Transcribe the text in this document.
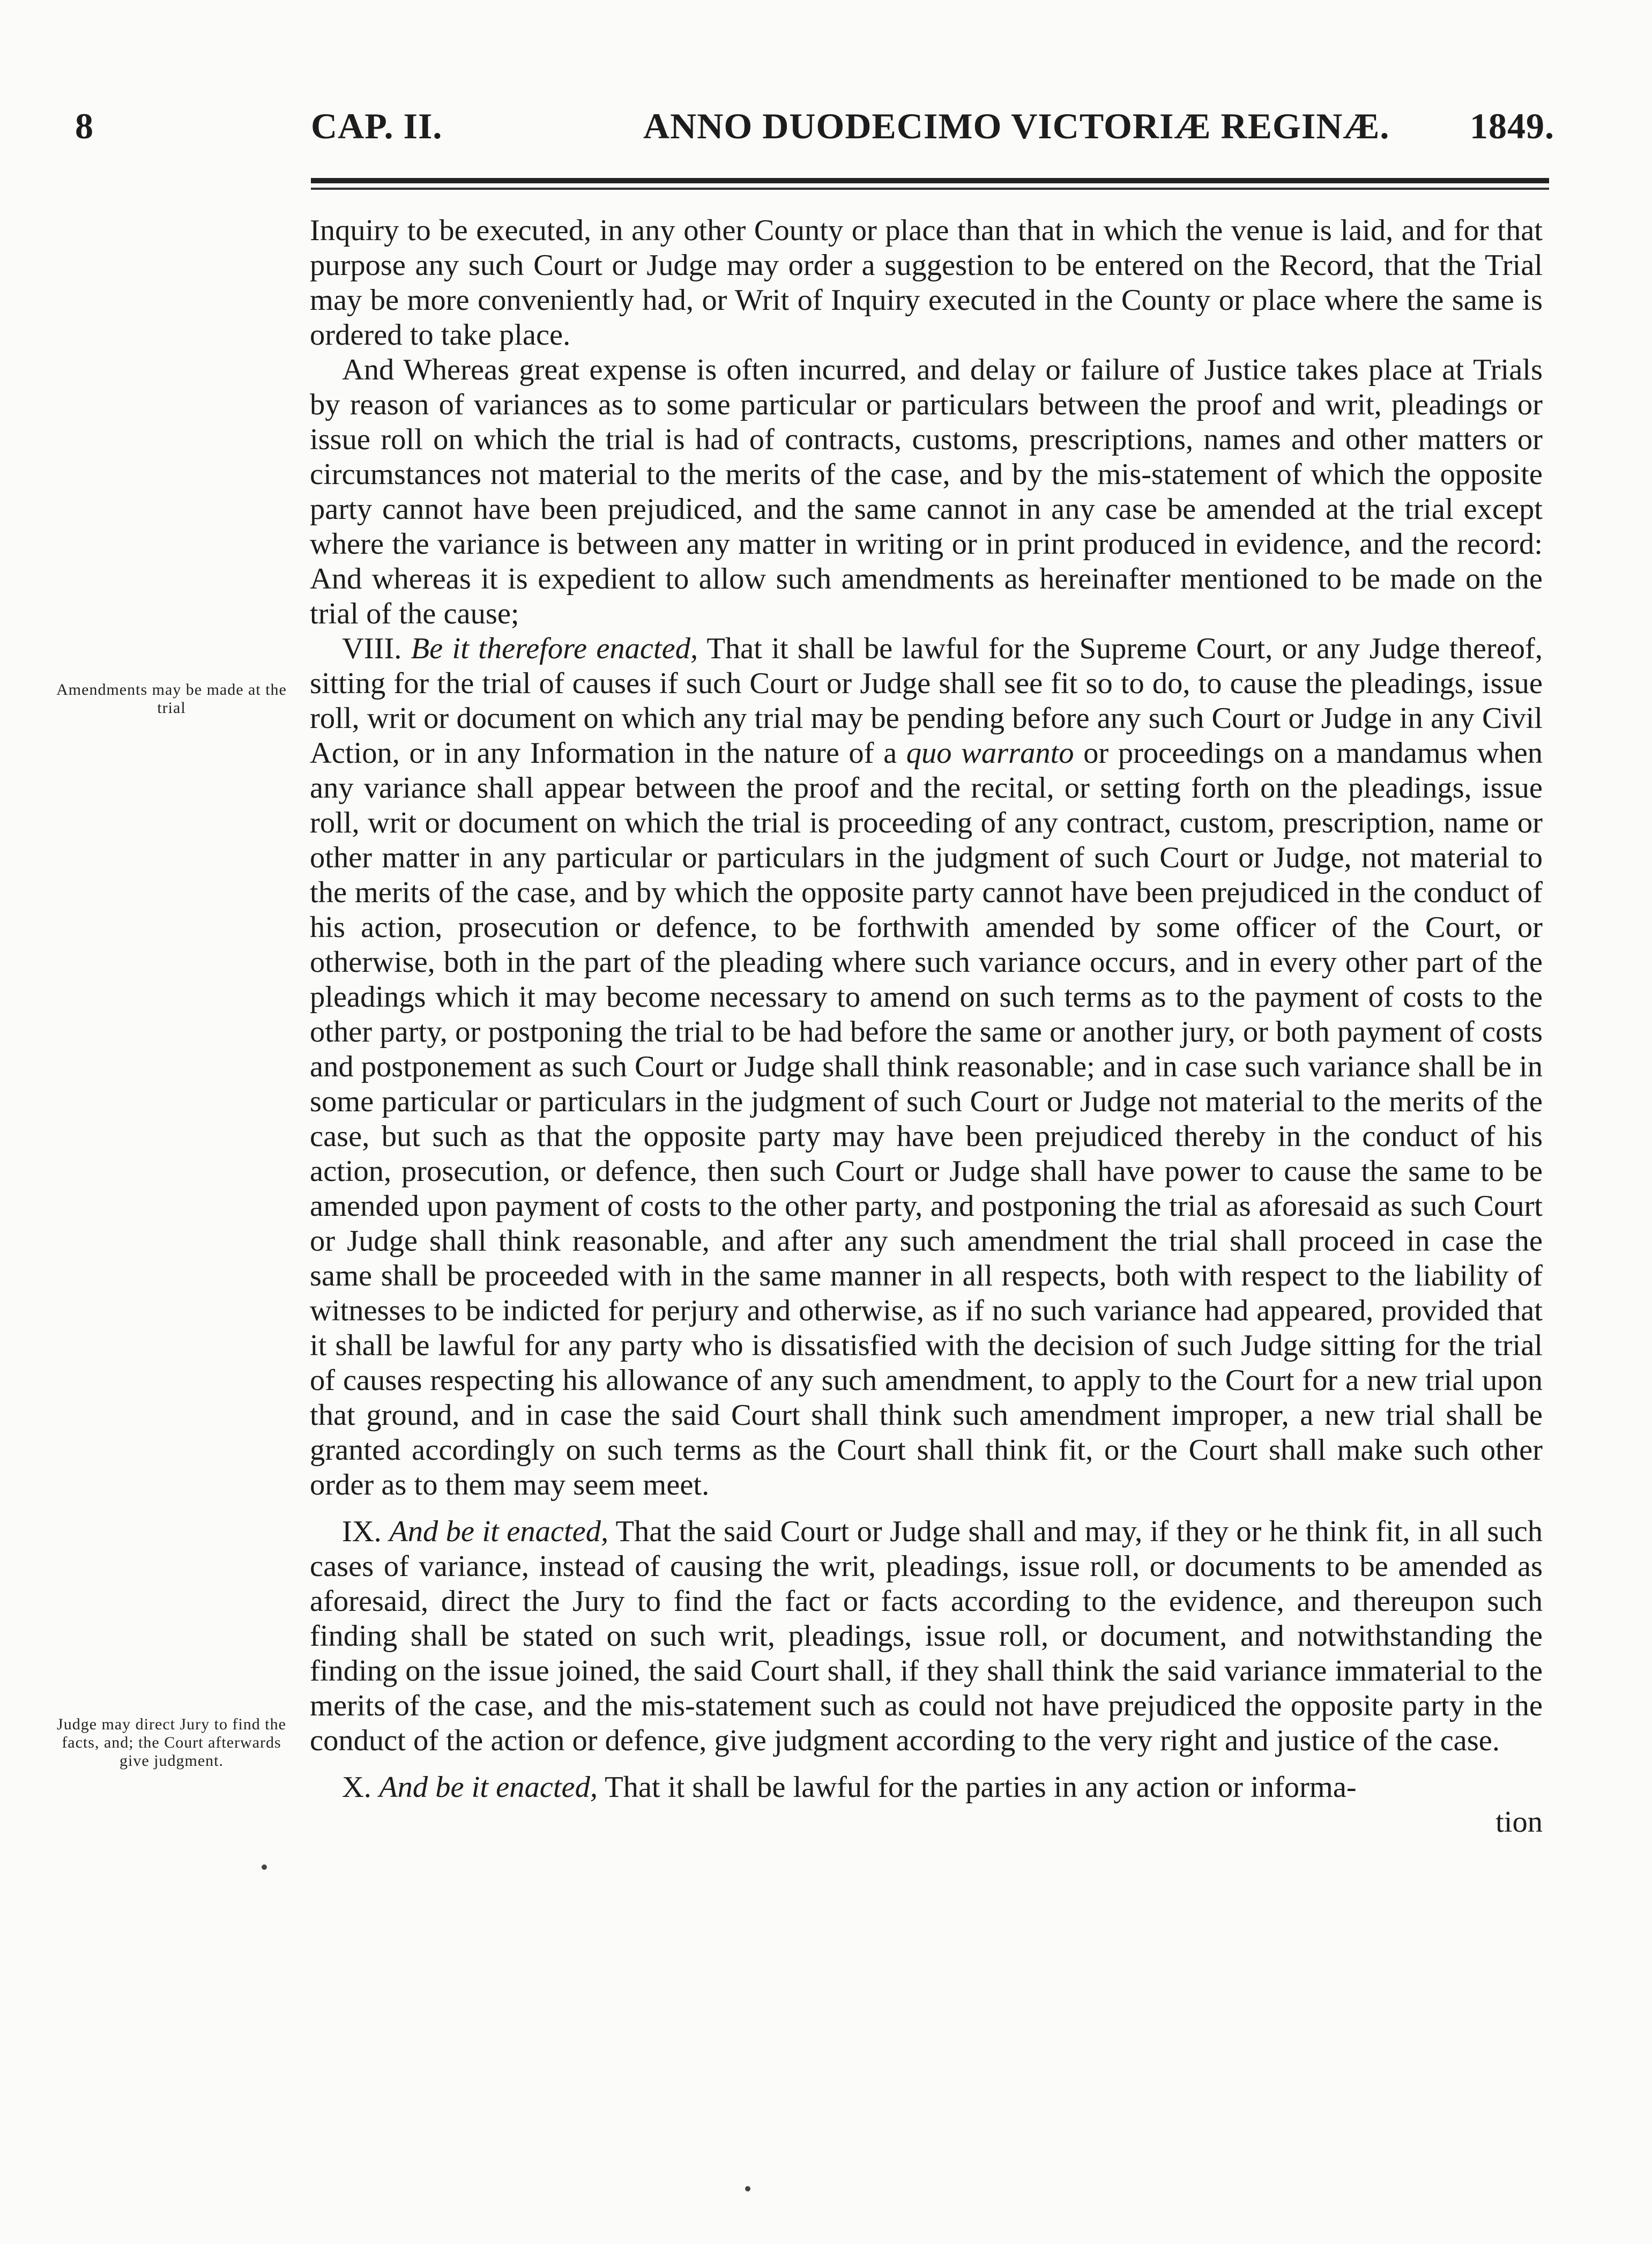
8	CAP. II.	ANNO DUODECIMO VICTORIÆ REGINÆ. 1849.
Amendments may be made at the trial
Judge may direct Jury to find the facts, and; the Court afterwards give judgment.

Inquiry to be executed, in any other County or place than that in which the venue is laid, and for that purpose any such Court or Judge may order a suggestion to be entered on the Record, that the Trial may be more conveniently had, or Writ of Inquiry executed in the County or place where the same is ordered to take place.

And Whereas great expense is often incurred, and delay or failure of Justice takes place at Trials by reason of variances as to some particular or particulars between the proof and writ, pleadings or issue roll on which the trial is had of contracts, customs, prescriptions, names and other matters or circumstances not material to the merits of the case, and by the mis-statement of which the opposite party cannot have been prejudiced, and the same cannot in any case be amended at the trial except where the variance is between any matter in writing or in print produced in evidence, and the record: And whereas it is expedient to allow such amendments as hereinafter mentioned to be made on the trial of the cause;

VIII. Be it therefore enacted, That it shall be lawful for the Supreme Court, or any Judge thereof, sitting for the trial of causes if such Court or Judge shall see fit so to do, to cause the pleadings, issue roll, writ or document on which any trial may be pending before any such Court or Judge in any Civil Action, or in any Information in the nature of a quo warranto or proceedings on a mandamus when any variance shall appear between the proof and the recital, or setting forth on the pleadings, issue roll, writ or document on which the trial is proceeding of any contract, custom, prescription, name or other matter in any particular or particulars in the judgment of such Court or Judge, not material to the merits of the case, and by which the opposite party cannot have been prejudiced in the conduct of his action, prosecution or defence, to be forthwith amended by some officer of the Court, or otherwise, both in the part of the pleading where such variance occurs, and in every other part of the pleadings which it may become necessary to amend on such terms as to the payment of costs to the other party, or postponing the trial to be had before the same or another jury, or both payment of costs and postponement as such Court or Judge shall think reasonable; and in case such variance shall be in some particular or particulars in the judgment of such Court or Judge not material to the merits of the case, but such as that the opposite party may have been prejudiced thereby in the conduct of his action, prosecution, or defence, then such Court or Judge shall have power to cause the same to be amended upon payment of costs to the other party, and postponing the trial as aforesaid as such Court or Judge shall think reasonable, and after any such amendment the trial shall proceed in case the same shall be proceeded with in the same manner in all respects, both with respect to the liability of witnesses to be indicted for perjury and otherwise, as if no such variance had appeared, provided that it shall be lawful for any party who is dissatisfied with the decision of such Judge sitting for the trial of causes respecting his allowance of any such amendment, to apply to the Court for a new trial upon that ground, and in case the said Court shall think such amendment improper, a new trial shall be granted accordingly on such terms as the Court shall think fit, or the Court shall make such other order as to them may seem meet.

IX. And be it enacted, That the said Court or Judge shall and may, if they or he think fit, in all such cases of variance, instead of causing the writ, pleadings, issue roll, or documents to be amended as aforesaid, direct the Jury to find the fact or facts according to the evidence, and thereupon such finding shall be stated on such writ, pleadings, issue roll, or document, and notwithstanding the finding on the issue joined, the said Court shall, if they shall think the said variance immaterial to the merits of the case, and the mis-statement such as could not have prejudiced the opposite party in the conduct of the action or defence, give judgment according to the very right and justice of the case.

X. And be it enacted, That it shall be lawful for the parties in any action or informa-

tion
